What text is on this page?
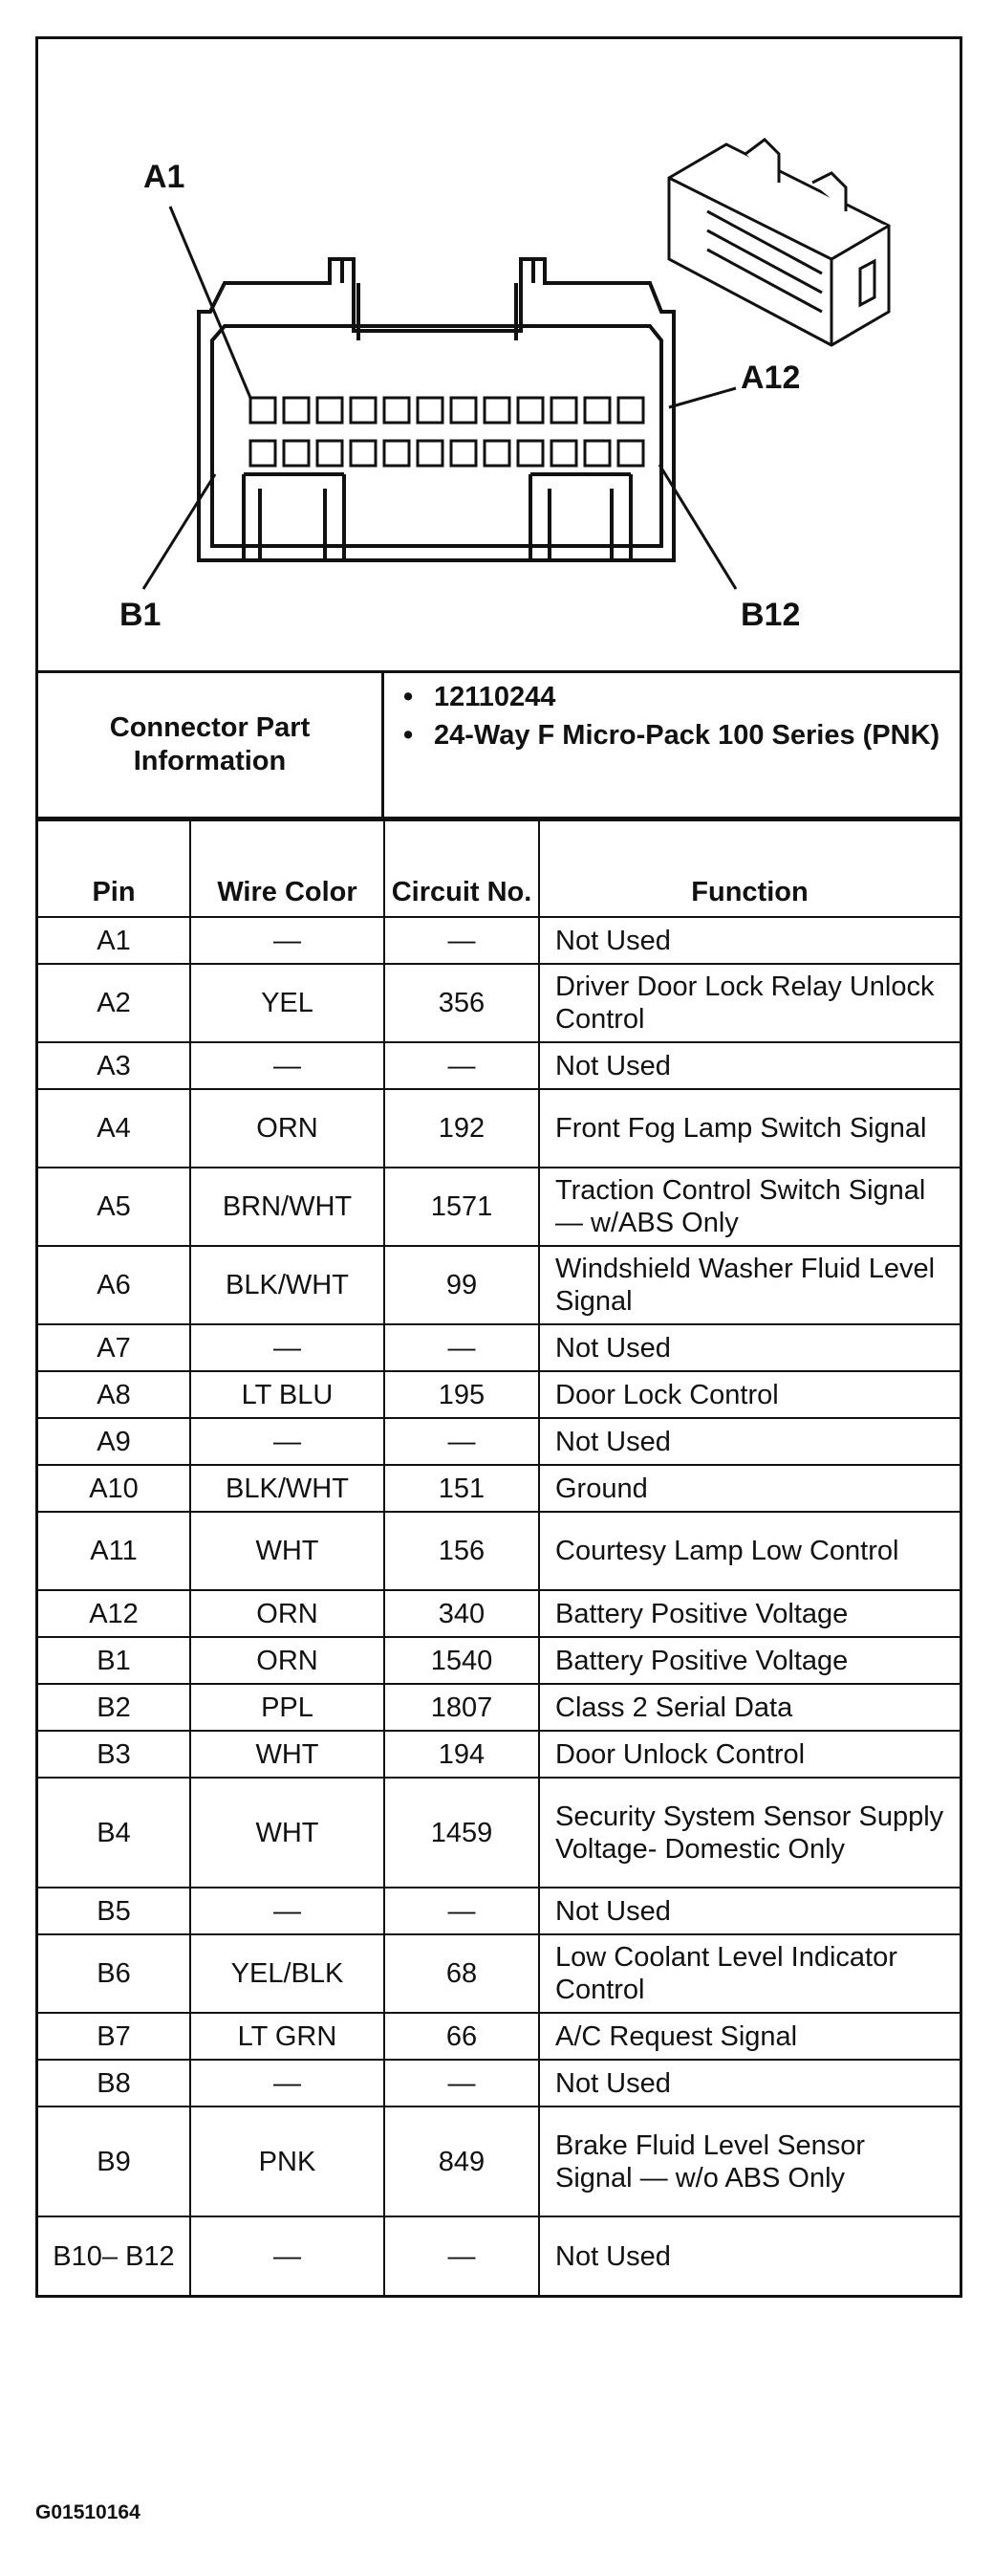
A1
A12
B1	B12
Connector Part Information
• 12110244
• 24-Way F Micro-Pack 100 Series (PNK)
Pin	Wire Color	Circuit No.	Function
A1	—	—	Not Used
A2	YEL	356	Driver Door Lock Relay Unlock Control
A3	—	—	Not Used
A4	ORN	192	Front Fog Lamp Switch Signal
A5	BRN/WHT	1571	Traction Control Switch Signal — w/ABS Only
A6	BLK/WHT	99	Windshield Washer Fluid Level Signal
A7	—	—	Not Used
A8	LT BLU	195	Door Lock Control
A9	—	—	Not Used
A10	BLK/WHT	151	Ground
A11	WHT	156	Courtesy Lamp Low Control
A12	ORN	340	Battery Positive Voltage
B1	ORN	1540	Battery Positive Voltage
B2	PPL	1807	Class 2 Serial Data
B3	WHT	194	Door Unlock Control
B4	WHT	1459	Security System Sensor Supply Voltage- Domestic Only
B5	—	—	Not Used
B6	YEL/BLK	68	Low Coolant Level Indicator Control
B7	LT GRN	66	A/C Request Signal
B8	—	—	Not Used
B9	PNK	849	Brake Fluid Level Sensor Signal — w/o ABS Only
B10– B12	—	—	Not Used
G01510164
